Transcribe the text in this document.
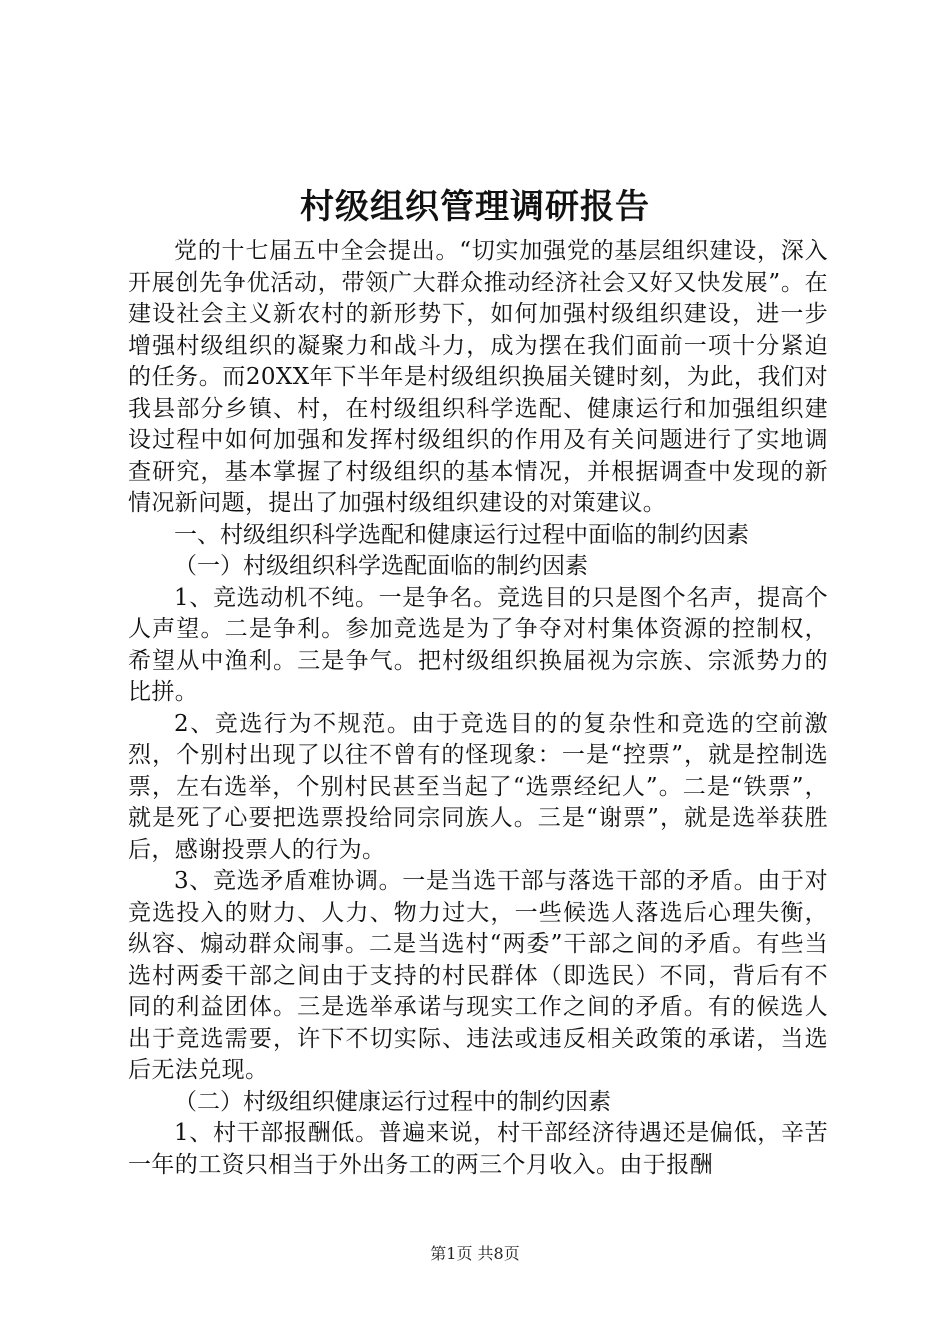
村级组织管理调研报告

党的十七届五中全会提出。“切实加强党的基层组织建设，深入开展创先争优活动，带领广大群众推动经济社会又好又快发展”。在建设社会主义新农村的新形势下，如何加强村级组织建设，进一步增强村级组织的凝聚力和战斗力，成为摆在我们面前一项十分紧迫的任务。而20XX年下半年是村级组织换届关键时刻，为此，我们对我县部分乡镇、村，在村级组织科学选配、健康运行和加强组织建设过程中如何加强和发挥村级组织的作用及有关问题进行了实地调查研究，基本掌握了村级组织的基本情况，并根据调查中发现的新情况新问题，提出了加强村级组织建设的对策建议。

一、村级组织科学选配和健康运行过程中面临的制约因素

（一）村级组织科学选配面临的制约因素

1、竞选动机不纯。一是争名。竞选目的只是图个名声，提高个人声望。二是争利。参加竞选是为了争夺对村集体资源的控制权，希望从中渔利。三是争气。把村级组织换届视为宗族、宗派势力的比拼。

2、竞选行为不规范。由于竞选目的的复杂性和竞选的空前激烈，个别村出现了以往不曾有的怪现象：一是“控票”，就是控制选票，左右选举，个别村民甚至当起了“选票经纪人”。二是“铁票”，就是死了心要把选票投给同宗同族人。三是“谢票”，就是选举获胜后，感谢投票人的行为。

3、竞选矛盾难协调。一是当选干部与落选干部的矛盾。由于对竞选投入的财力、人力、物力过大，一些候选人落选后心理失衡，纵容、煽动群众闹事。二是当选村“两委”干部之间的矛盾。有些当选村两委干部之间由于支持的村民群体（即选民）不同，背后有不同的利益团体。三是选举承诺与现实工作之间的矛盾。有的候选人出于竞选需要，许下不切实际、违法或违反相关政策的承诺，当选后无法兑现。

（二）村级组织健康运行过程中的制约因素

1、村干部报酬低。普遍来说，村干部经济待遇还是偏低，辛苦一年的工资只相当于外出务工的两三个月收入。由于报酬

第1页 共8页
